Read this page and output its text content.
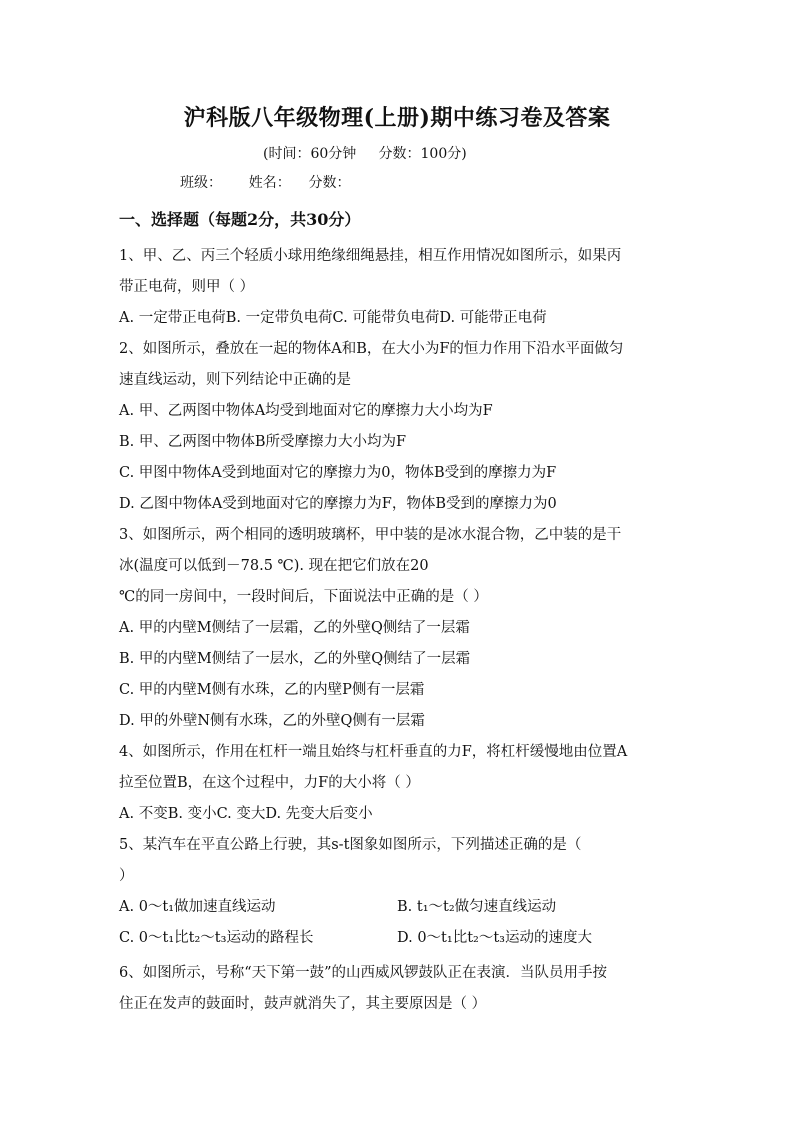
沪科版八年级物理(上册)期中练习卷及答案
(时间：60分钟     分数：100分)
班级：      姓名：    分数：
一、选择题（每题2分，共30分）
1、甲、乙、丙三个轻质小球用绝缘细绳悬挂，相互作用情况如图所示，如果丙
带正电荷，则甲（ ）
A. 一定带正电荷B. 一定带负电荷C. 可能带负电荷D. 可能带正电荷
2、如图所示，叠放在一起的物体A和B，在大小为F的恒力作用下沿水平面做匀
速直线运动，则下列结论中正确的是
A. 甲、乙两图中物体A均受到地面对它的摩擦力大小均为F
B. 甲、乙两图中物体B所受摩擦力大小均为F
C. 甲图中物体A受到地面对它的摩擦力为0，物体B受到的摩擦力为F
D. 乙图中物体A受到地面对它的摩擦力为F，物体B受到的摩擦力为0
3、如图所示，两个相同的透明玻璃杯，甲中装的是冰水混合物，乙中装的是干
冰(温度可以低到－78.5 ℃). 现在把它们放在20
℃的同一房间中，一段时间后，下面说法中正确的是（ ）
A. 甲的内壁M侧结了一层霜，乙的外壁Q侧结了一层霜
B. 甲的内壁M侧结了一层水，乙的外壁Q侧结了一层霜
C. 甲的内壁M侧有水珠，乙的内壁P侧有一层霜
D. 甲的外壁N侧有水珠，乙的外壁Q侧有一层霜
4、如图所示，作用在杠杆一端且始终与杠杆垂直的力F，将杠杆缓慢地由位置A
拉至位置B，在这个过程中，力F的大小将（ ）
A. 不变B. 变小C. 变大D. 先变大后变小
5、某汽车在平直公路上行驶，其s-t图象如图所示，下列描述正确的是（
）
A. 0～t₁做加速直线运动	B. t₁～t₂做匀速直线运动
C. 0～t₁比t₂～t₃运动的路程长	D. 0～t₁比t₂～t₃运动的速度大
6、如图所示，号称“天下第一鼓”的山西威风锣鼓队正在表演．当队员用手按
住正在发声的鼓面时，鼓声就消失了，其主要原因是（ ）
